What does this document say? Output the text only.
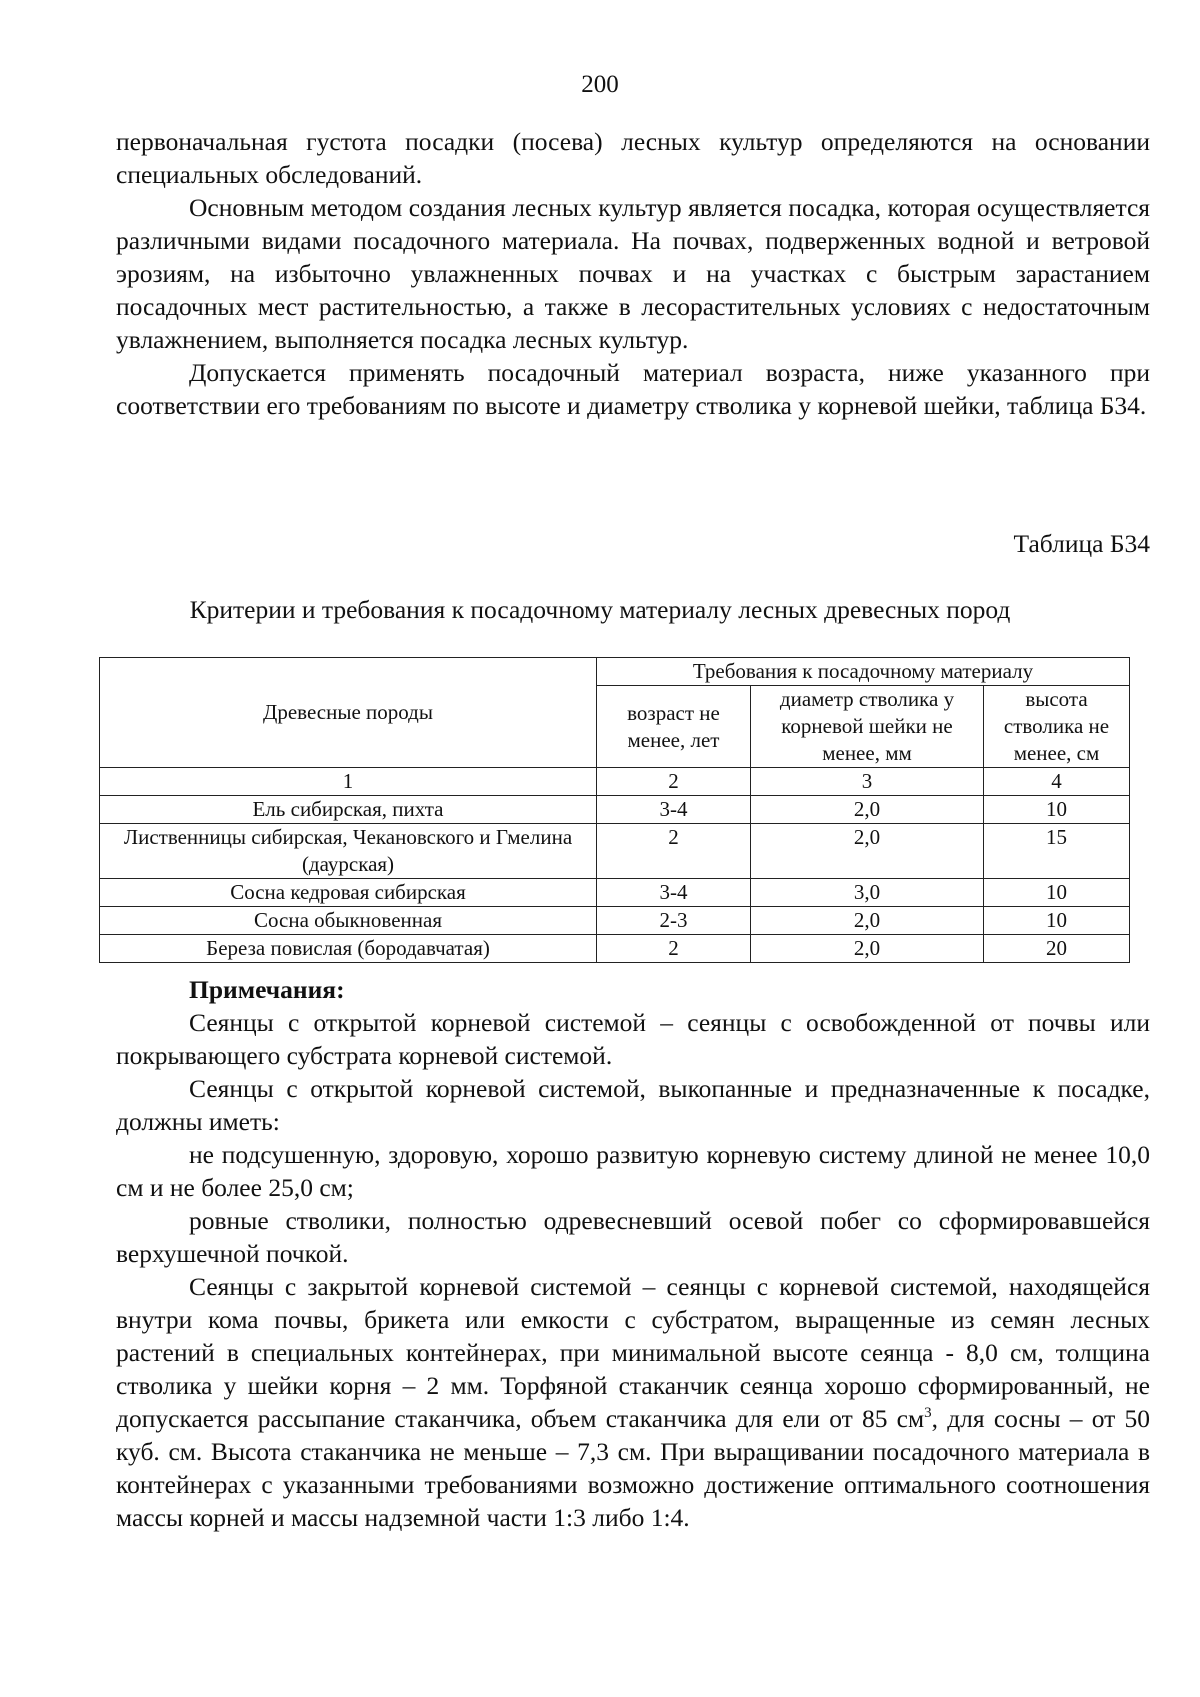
200

первоначальная густота посадки (посева) лесных культур определяются на основании специальных обследований.

Основным методом создания лесных культур является посадка, которая осуществляется различными видами посадочного материала. На почвах, подверженных водной и ветровой эрозиям, на избыточно увлажненных почвах и на участках с быстрым зарастанием посадочных мест растительностью, а также в лесорастительных условиях с недостаточным увлажнением, выполняется посадка лесных культур.

Допускается применять посадочный материал возраста, ниже указанного при соответствии его требованиям по высоте и диаметру стволика у корневой шейки, таблица Б34.

Таблица Б34
Критерии и требования к посадочному материалу лесных древесных пород
Древесные породы	Требования к посадочному материалу		
	возраст не менее, лет	диаметр стволика у корневой шейки не менее, мм	высота стволика не менее, см
1	2	3	4
Ель сибирская, пихта	3-4	2,0	10
Лиственницы сибирская, Чекановского и Гмелина (даурская)	2	2,0	15
Сосна кедровая сибирская	3-4	3,0	10
Сосна обыкновенная	2-3	2,0	10
Береза повислая (бородавчатая)	2	2,0	20
Примечания:

Сеянцы с открытой корневой системой – сеянцы с освобожденной от почвы или покрывающего субстрата корневой системой.

Сеянцы с открытой корневой системой, выкопанные и предназначенные к посадке, должны иметь:

не подсушенную, здоровую, хорошо развитую корневую систему длиной не менее 10,0 см и не более 25,0 см;

ровные стволики, полностью одревесневший осевой побег со сформировавшейся верхушечной почкой.

Сеянцы с закрытой корневой системой – сеянцы с корневой системой, находящейся внутри кома почвы, брикета или емкости с субстратом, выращенные из семян лесных растений в специальных контейнерах, при минимальной высоте сеянца - 8,0 см, толщина стволика у шейки корня – 2 мм. Торфяной стаканчик сеянца хорошо сформированный, не допускается рассыпание стаканчика, объем стаканчика для ели от 85 $см^3$, для сосны – от 50 куб. см. Высота стаканчика не меньше – 7,3 см. При выращивании посадочного материала в контейнерах с указанными требованиями возможно достижение оптимального соотношения массы корней и массы надземной части 1:3 либо 1:4.
